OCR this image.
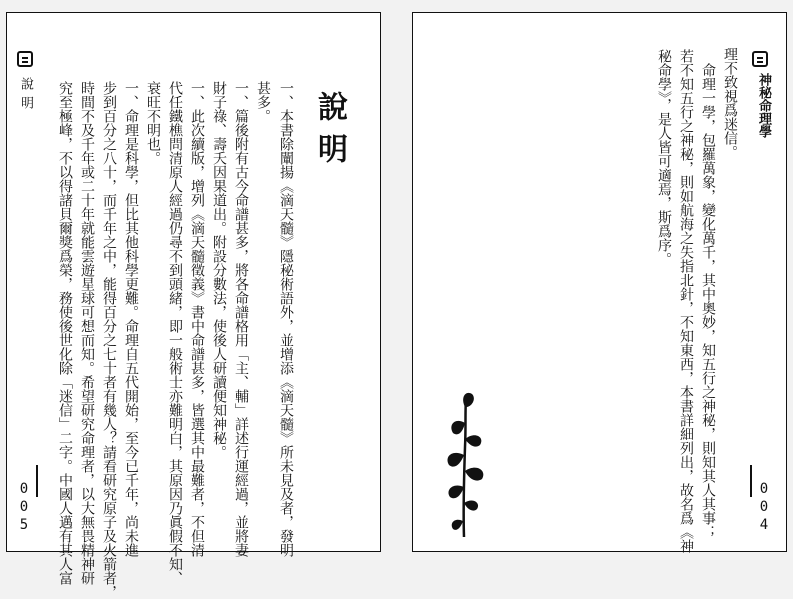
說明
005
說明
一、本書除闡揚《滴天髓》隱秘術語外，並增添《滴天髓》所未見及者，發明
甚多。
一、篇後附有古今命譜甚多，將各命譜格用「主、輔」詳述行運經過，並將妻
財子祿、壽夭因果道出。附設分數法，使後人研讀便知神秘。
一、此次續版，增列《滴天髓徵義》書中命譜甚多，皆選其中最難者，不但清
代任鐵樵問清原人經過仍尋不到頭緒，即一般術士亦難明白，其原因乃眞假不知、
衰旺不明也。
一、命理是科學，但比其他科學更難。命理自五代開始，至今已千年，尚未進
步到百分之八十，而千年之中，能得百分之七十者有幾人？請看研究原子及火箭者，
時間不及千年或二十年就能雲遊星球可想而知。希望研究命理者，以大無畏精神研
究至極峰，不以得諸貝爾獎爲榮，務使後世化除「迷信」二字。中國人邁有其人富	神秘命理學
004
理不致視爲迷信。
命理一學，包羅萬象，變化萬千，其中奧妙，知五行之神秘，則知其人其事；
若不知五行之神秘，則如航海之失指北針，不知東西，本書詳細列出，故名爲《神
秘命學》，是人皆可適焉，斯爲序。
